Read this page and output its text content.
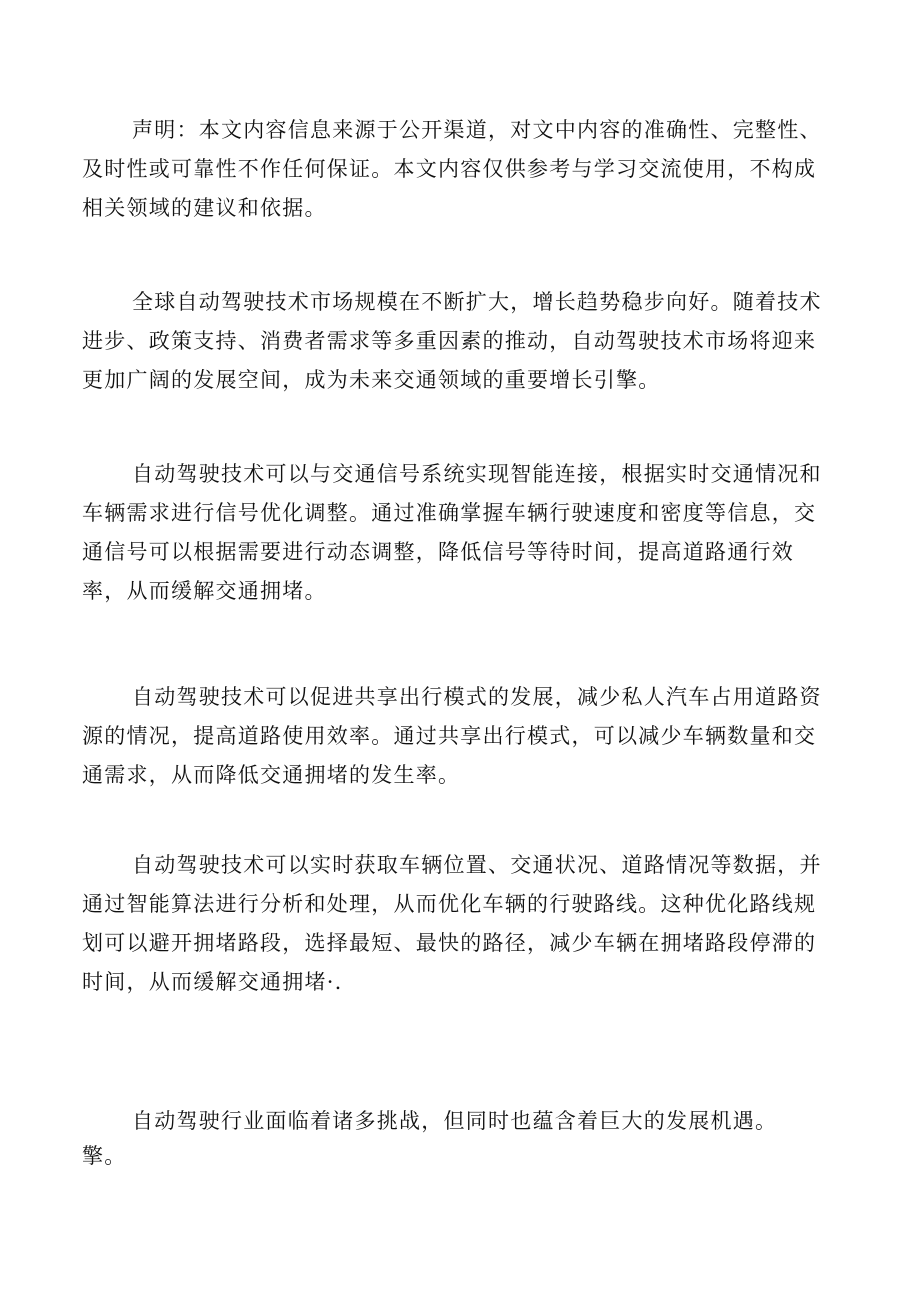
声明：本文内容信息来源于公开渠道，对文中内容的准确性、完整性、及时性或可靠性不作任何保证。本文内容仅供参考与学习交流使用，不构成相关领域的建议和依据。

全球自动驾驶技术市场规模在不断扩大，增长趋势稳步向好。随着技术进步、政策支持、消费者需求等多重因素的推动，自动驾驶技术市场将迎来更加广阔的发展空间，成为未来交通领域的重要增长引擎。

自动驾驶技术可以与交通信号系统实现智能连接，根据实时交通情况和车辆需求进行信号优化调整。通过准确掌握车辆行驶速度和密度等信息，交通信号可以根据需要进行动态调整，降低信号等待时间，提高道路通行效率，从而缓解交通拥堵。

自动驾驶技术可以促进共享出行模式的发展，减少私人汽车占用道路资源的情况，提高道路使用效率。通过共享出行模式，可以减少车辆数量和交通需求，从而降低交通拥堵的发生率。

自动驾驶技术可以实时获取车辆位置、交通状况、道路情况等数据，并通过智能算法进行分析和处理，从而优化车辆的行驶路线。这种优化路线规划可以避开拥堵路段，选择最短、最快的路径，减少车辆在拥堵路段停滞的时间，从而缓解交通拥堵·.

自动驾驶行业面临着诸多挑战，但同时也蕴含着巨大的发展机遇。

擎。
